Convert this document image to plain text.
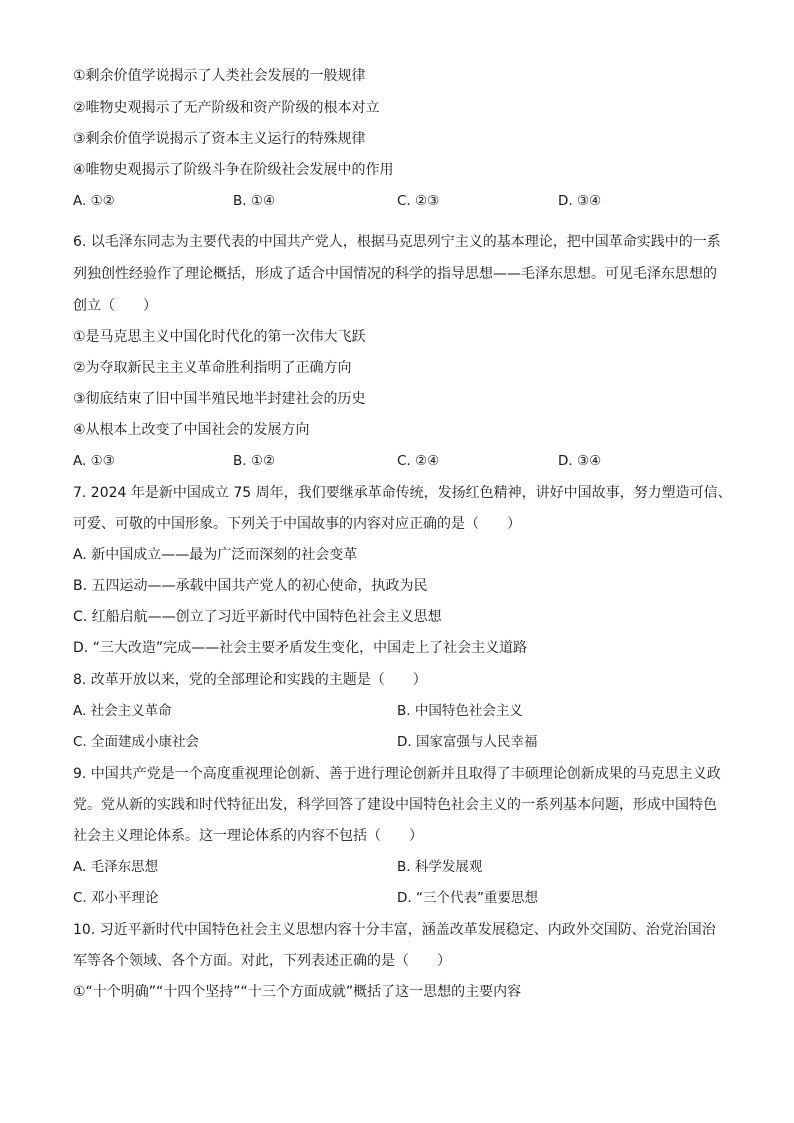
①剩余价值学说揭示了人类社会发展的一般规律
②唯物史观揭示了无产阶级和资产阶级的根本对立
③剩余价值学说揭示了资本主义运行的特殊规律
④唯物史观揭示了阶级斗争在阶级社会发展中的作用
A. ①②	B. ①④	C. ②③	D. ③④
6. 以毛泽东同志为主要代表的中国共产党人，根据马克思列宁主义的基本理论，把中国革命实践中的一系
列独创性经验作了理论概括，形成了适合中国情况的科学的指导思想——毛泽东思想。可见毛泽东思想的
创立（　　）
①是马克思主义中国化时代化的第一次伟大飞跃
②为夺取新民主主义革命胜利指明了正确方向
③彻底结束了旧中国半殖民地半封建社会的历史
④从根本上改变了中国社会的发展方向
A. ①③	B. ①②	C. ②④	D. ③④
7. 2024 年是新中国成立 75 周年，我们要继承革命传统，发扬红色精神，讲好中国故事，努力塑造可信、
可爱、可敬的中国形象。下列关于中国故事的内容对应正确的是（　　）
A. 新中国成立——最为广泛而深刻的社会变革
B. 五四运动——承载中国共产党人的初心使命，执政为民
C. 红船启航——创立了习近平新时代中国特色社会主义思想
D. “三大改造”完成——社会主要矛盾发生变化，中国走上了社会主义道路
8. 改革开放以来，党的全部理论和实践的主题是（　　）
A. 社会主义革命	B. 中国特色社会主义
C. 全面建成小康社会	D. 国家富强与人民幸福
9. 中国共产党是一个高度重视理论创新、善于进行理论创新并且取得了丰硕理论创新成果的马克思主义政
党。党从新的实践和时代特征出发，科学回答了建设中国特色社会主义的一系列基本问题，形成中国特色
社会主义理论体系。这一理论体系的内容不包括（　　）
A. 毛泽东思想	B. 科学发展观
C. 邓小平理论	D. “三个代表”重要思想
10. 习近平新时代中国特色社会主义思想内容十分丰富，涵盖改革发展稳定、内政外交国防、治党治国治
军等各个领域、各个方面。对此，下列表述正确的是（　　）
①“十个明确”“十四个坚持”“十三个方面成就”概括了这一思想的主要内容
